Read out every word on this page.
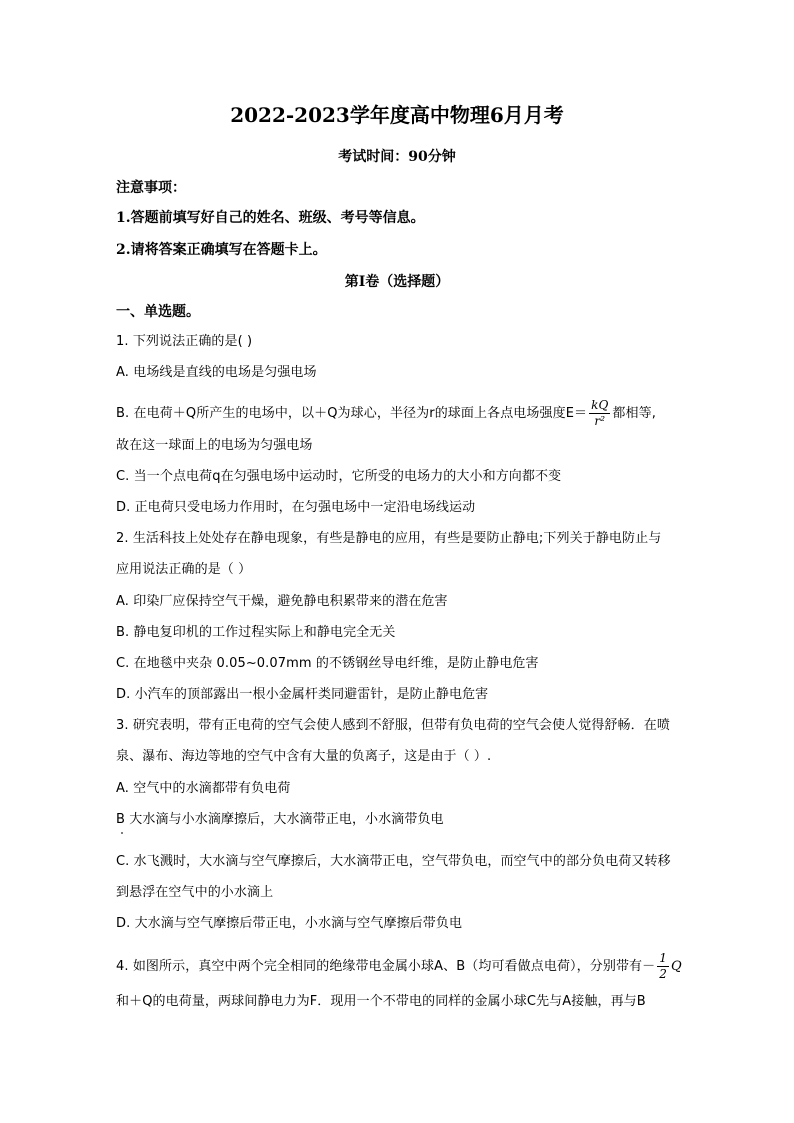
2022-2023学年度高中物理6月月考
考试时间：90分钟
注意事项：
1.答题前填写好自己的姓名、班级、考号等信息。
2.请将答案正确填写在答题卡上。
第I卷（选择题）
一、单选题。
1. 下列说法正确的是( )
A. 电场线是直线的电场是匀强电场
B. 在电荷＋Q所产生的电场中，以＋Q为球心，半径为r的球面上各点电场强度$E= \frac{kQ}{\text{r²}}$ 都相等,
故在这一球面上的电场为匀强电场
C. 当一个点电荷q在匀强电场中运动时，它所受的电场力的大小和方向都不变
D. 正电荷只受电场力作用时，在匀强电场中一定沿电场线运动
2. 生活科技上处处存在静电现象，有些是静电的应用，有些是要防止静电;下列关于静电防止与
应用说法正确的是（ ）
A. 印染厂应保持空气干燥，避免静电积累带来的潜在危害
B. 静电复印机的工作过程实际上和静电完全无关
C. 在地毯中夹杂 0.05~0.07mm 的不锈钢丝导电纤维，是防止静电危害
D. 小汽车的顶部露出一根小金属杆类同避雷针，是防止静电危害
3. 研究表明，带有正电荷的空气会使人感到不舒服，但带有负电荷的空气会使人觉得舒畅．在喷
泉、瀑布、海边等地的空气中含有大量的负离子，这是由于（ ）.
A. 空气中的水滴都带有负电荷
B 大水滴与小水滴摩擦后，大水滴带正电，小水滴带负电
C. 水飞溅时，大水滴与空气摩擦后，大水滴带正电，空气带负电，而空气中的部分负电荷又转移
到悬浮在空气中的小水滴上
D. 大水滴与空气摩擦后带正电，小水滴与空气摩擦后带负电
4. 如图所示，真空中两个完全相同的绝缘带电金属小球A、B（均可看做点电荷），分别带有－ $\frac{1}{2}$ Q
和＋Q的电荷量，两球间静电力为F．现用一个不带电的同样的金属小球C先与A接触，再与B
